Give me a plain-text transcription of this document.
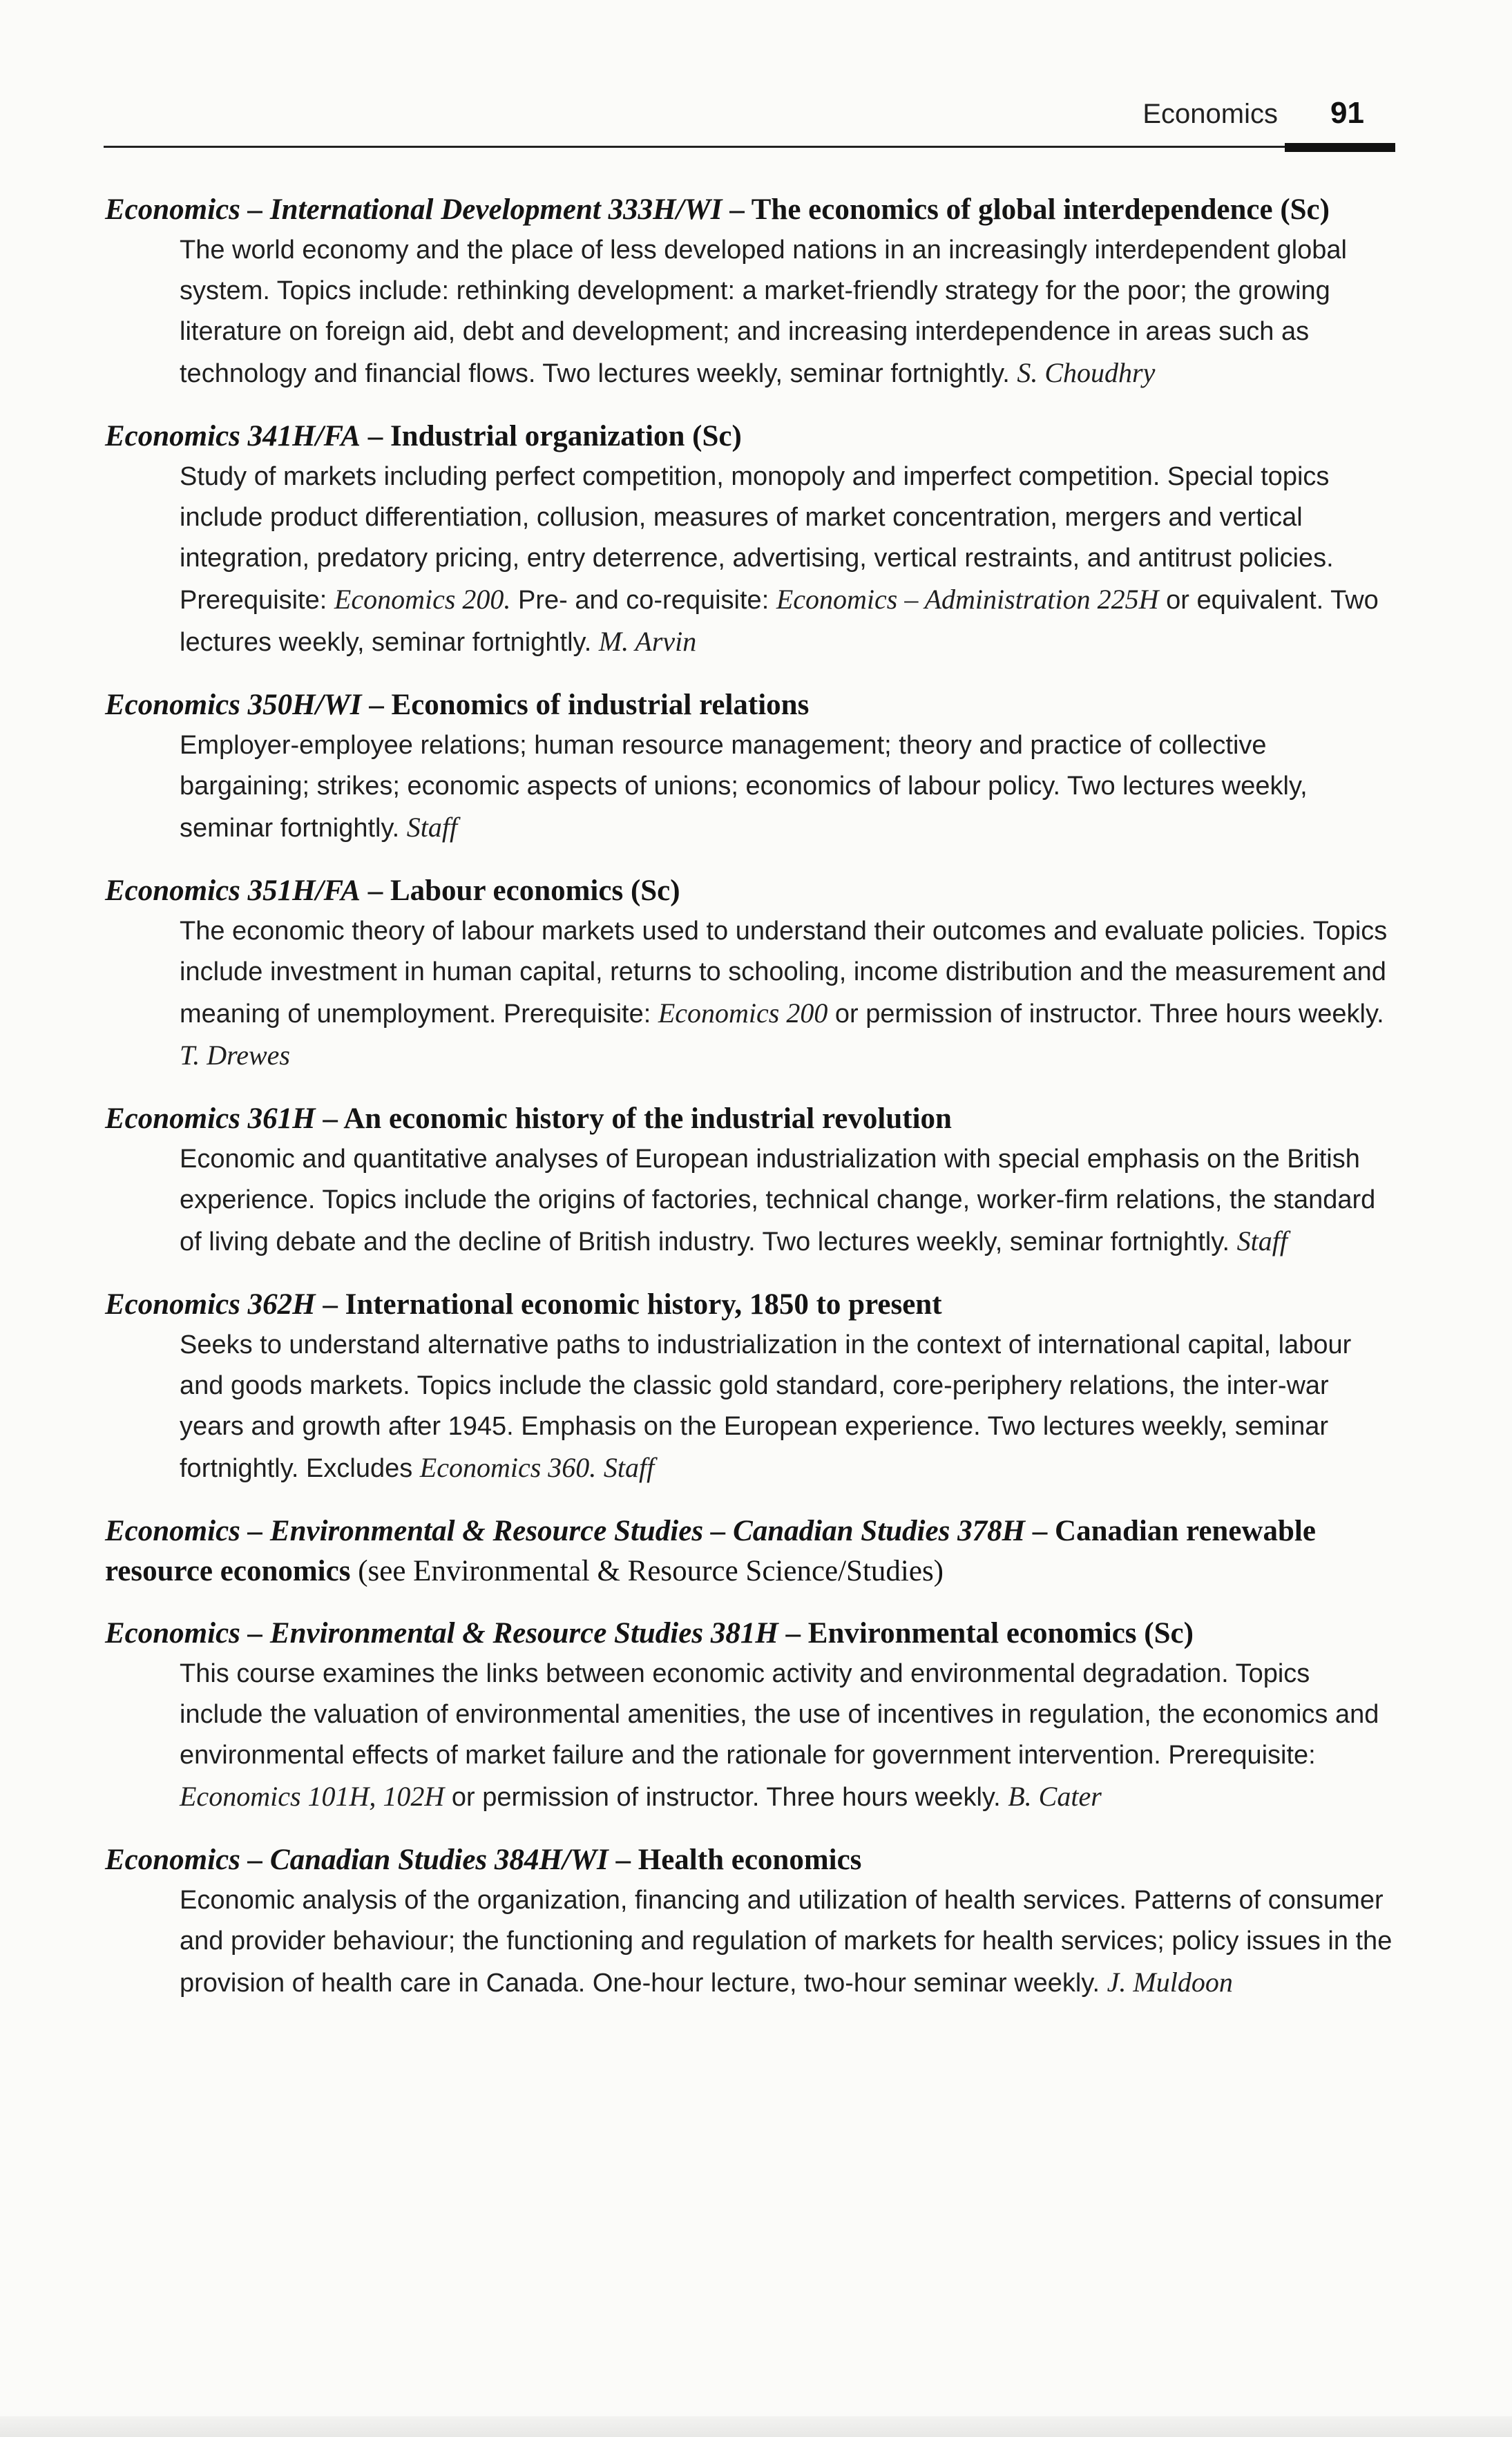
Economics 91
Economics – International Development 333H/WI – The economics of global interdependence (Sc)
The world economy and the place of less developed nations in an increasingly interdependent global system. Topics include: rethinking development: a market-friendly strategy for the poor; the growing literature on foreign aid, debt and development; and increasing interdependence in areas such as technology and financial flows. Two lectures weekly, seminar fortnightly. S. Choudhry
Economics 341H/FA – Industrial organization (Sc)
Study of markets including perfect competition, monopoly and imperfect competition. Special topics include product differentiation, collusion, measures of market concentration, mergers and vertical integration, predatory pricing, entry deterrence, advertising, vertical restraints, and antitrust policies. Prerequisite: Economics 200. Pre- and co-requisite: Economics – Administration 225H or equivalent. Two lectures weekly, seminar fortnightly. M. Arvin
Economics 350H/WI – Economics of industrial relations
Employer-employee relations; human resource management; theory and practice of collective bargaining; strikes; economic aspects of unions; economics of labour policy. Two lectures weekly, seminar fortnightly. Staff
Economics 351H/FA – Labour economics (Sc)
The economic theory of labour markets used to understand their outcomes and evaluate policies. Topics include investment in human capital, returns to schooling, income distribution and the measurement and meaning of unemployment. Prerequisite: Economics 200 or permission of instructor. Three hours weekly. T. Drewes
Economics 361H – An economic history of the industrial revolution
Economic and quantitative analyses of European industrialization with special emphasis on the British experience. Topics include the origins of factories, technical change, worker-firm relations, the standard of living debate and the decline of British industry. Two lectures weekly, seminar fortnightly. Staff
Economics 362H – International economic history, 1850 to present
Seeks to understand alternative paths to industrialization in the context of international capital, labour and goods markets. Topics include the classic gold standard, core-periphery relations, the inter-war years and growth after 1945. Emphasis on the European experience. Two lectures weekly, seminar fortnightly. Excludes Economics 360. Staff
Economics – Environmental & Resource Studies – Canadian Studies 378H – Canadian renewable resource economics (see Environmental & Resource Science/Studies)
Economics – Environmental & Resource Studies 381H – Environmental economics (Sc)
This course examines the links between economic activity and environmental degradation. Topics include the valuation of environmental amenities, the use of incentives in regulation, the economics and environmental effects of market failure and the rationale for government intervention. Prerequisite: Economics 101H, 102H or permission of instructor. Three hours weekly. B. Cater
Economics – Canadian Studies 384H/WI – Health economics
Economic analysis of the organization, financing and utilization of health services. Patterns of consumer and provider behaviour; the functioning and regulation of markets for health services; policy issues in the provision of health care in Canada. One-hour lecture, two-hour seminar weekly. J. Muldoon
